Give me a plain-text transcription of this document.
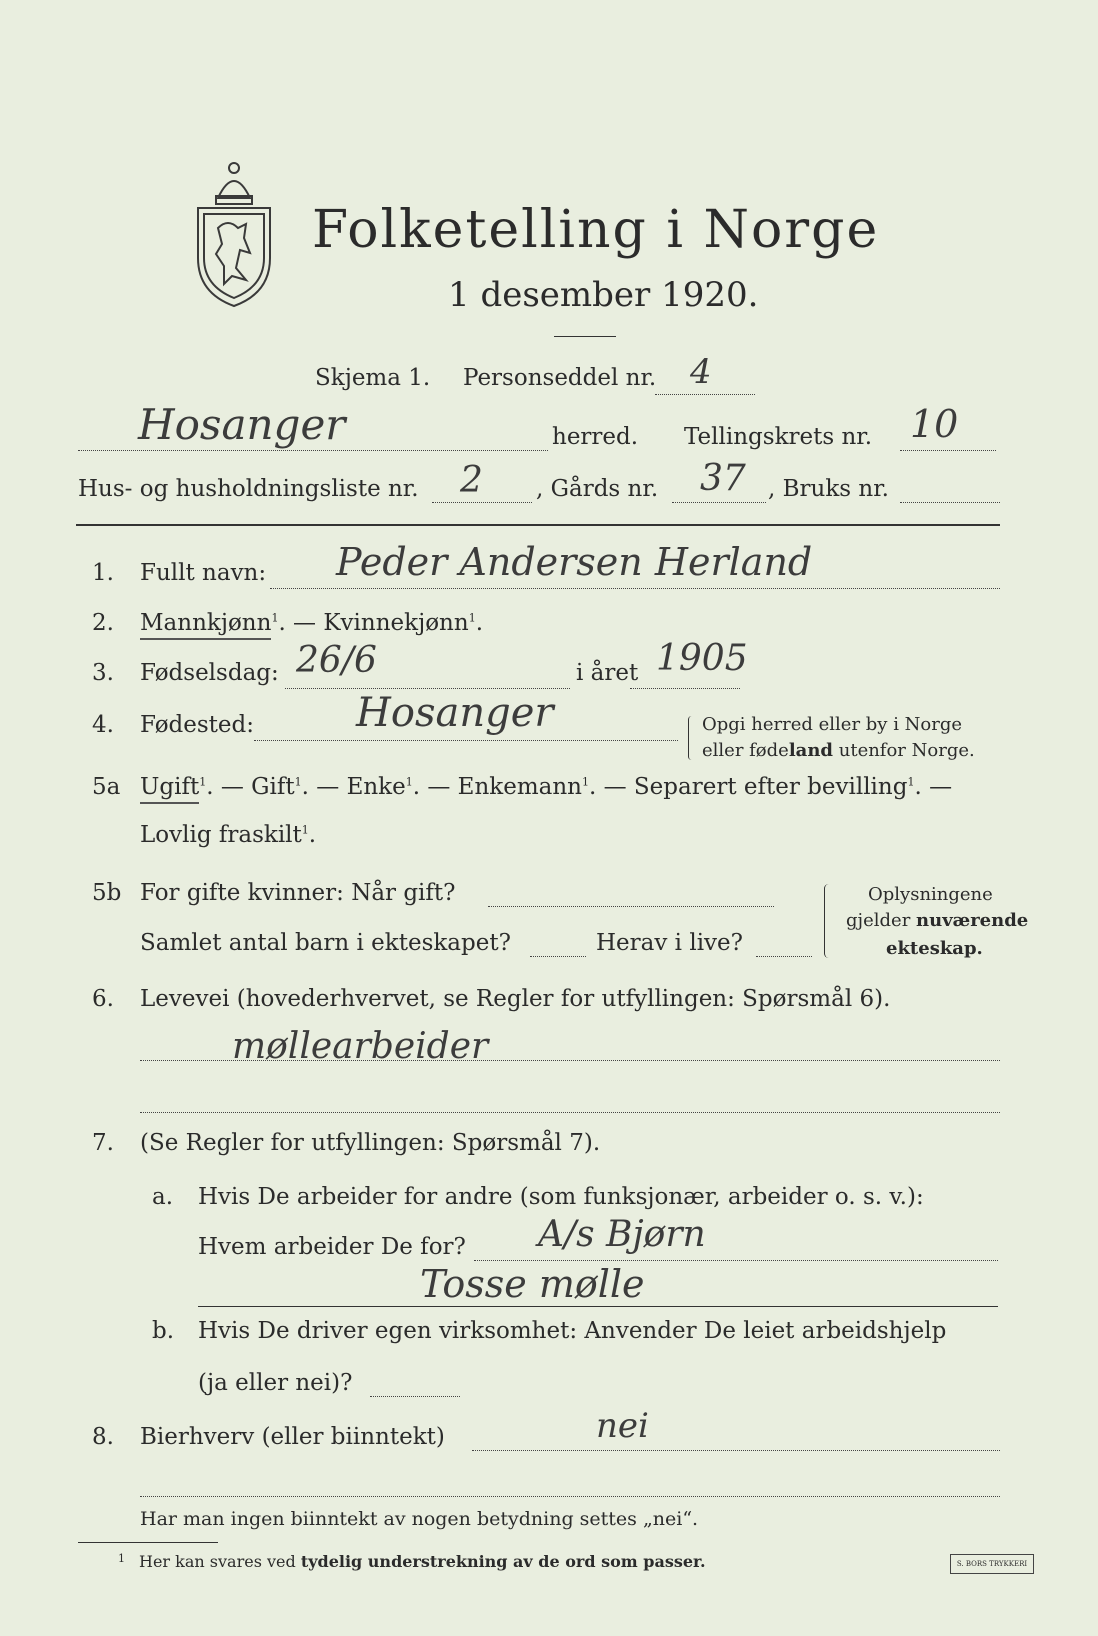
Folketelling i Norge
1 desember 1920.
Skjema 1. Personseddel nr. 4
Hosanger	herred. Tellingskrets nr. 10
Hus- og husholdningsliste nr. 2 , Gårds nr. 37 , Bruks nr.
1. Fullt navn: Peder Andersen Herland
2. Mannkjønn$^1$. — Kvinnekjønn$^1$.
3. Fødselsdag: 26/6	i året 1905
4. Fødested:	Hosanger	Opgi herred eller by i Norge
eller fødeland utenfor Norge.
5a Ugift$^1$. — Gift$^1$. — Enke$^1$. — Enkemann$^1$. — Separert efter bevilling$^1$. —
Lovlig fraskilt$^1$.
5b For gifte kvinner: Når gift?
Samlet antal barn i ekteskapet?	Herav i live?
Oplysningene
gjelder nuværende
ekteskap.
6. Levevei (hovederhvervet, se Regler for utfyllingen: Spørsmål 6).
møllearbeider
7. (Se Regler for utfyllingen: Spørsmål 7).
a. Hvis De arbeider for andre (som funksjonær, arbeider o. s. v.):
Hvem arbeider De for? A/s Bjørn
Tosse mølle
b. Hvis De driver egen virksomhet: Anvender De leiet arbeidshjelp
(ja eller nei)?
8. Bierhverv (eller biinntekt)	nei
Har man ingen biinntekt av nogen betydning settes „nei“.
$^1$ Her kan svares ved tydelig understrekning av de ord som passer.	S. BORS TRYKKERI
